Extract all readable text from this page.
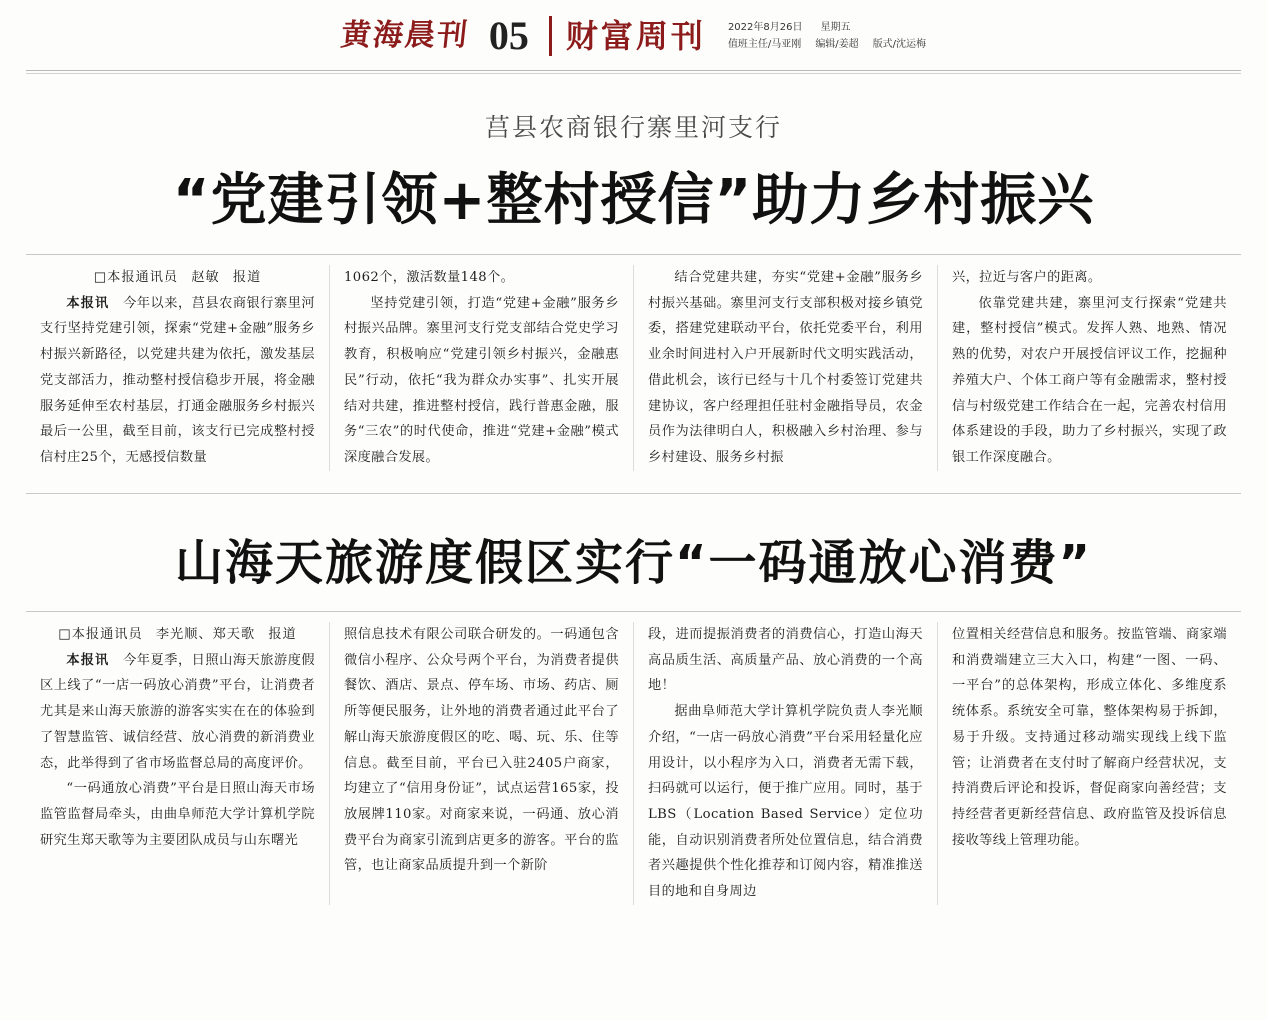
黄海晨刊 05 财富周刊 2022年8月26日 星期五
值班主任/马亚刚 编辑/姜超 版式/沈运梅
莒县农商银行寨里河支行
“党建引领+整村授信”助力乡村振兴

□本报通讯员 赵敏 报道

本报讯　 今年以来，莒县农商银行寨里河支行坚持党建引领，探索“党建+金融”服务乡村振兴新路径，以党建共建为依托，激发基层党支部活力，推动整村授信稳步开展，将金融服务延伸至农村基层，打通金融服务乡村振兴最后一公里，截至目前，该支行已完成整村授信村庄25个，无感授信数量

1062个，激活数量148个。

坚持党建引领，打造“党建+金融”服务乡村振兴品牌。寨里河支行党支部结合党史学习教育，积极响应“党建引领乡村振兴，金融惠民”行动，依托“我为群众办实事”、扎实开展结对共建，推进整村授信，践行普惠金融，服务“三农”的时代使命，推进“党建+金融”模式深度融合发展。

结合党建共建，夯实“党建+金融”服务乡村振兴基础。寨里河支行支部积极对接乡镇党委，搭建党建联动平台，依托党委平台，利用业余时间进村入户开展新时代文明实践活动，借此机会，该行已经与十几个村委签订党建共建协议，客户经理担任驻村金融指导员，农金员作为法律明白人，积极融入乡村治理、参与乡村建设、服务乡村振

兴，拉近与客户的距离。

依靠党建共建，寨里河支行探索“党建共建，整村授信”模式。发挥人熟、地熟、情况熟的优势，对农户开展授信评议工作，挖掘种养殖大户、个体工商户等有金融需求，整村授信与村级党建工作结合在一起，完善农村信用体系建设的手段，助力了乡村振兴，实现了政银工作深度融合。

山海天旅游度假区实行“一码通放心消费”

□本报通讯员 李光顺、郑天歌 报道

本报讯　 今年夏季，日照山海天旅游度假区上线了“一店一码放心消费”平台，让消费者尤其是来山海天旅游的游客实实在在的体验到了智慧监管、诚信经营、放心消费的新消费业态，此举得到了省市场监督总局的高度评价。

“一码通放心消费”平台是日照山海天市场监管监督局牵头，由曲阜师范大学计算机学院研究生郑天歌等为主要团队成员与山东曙光

照信息技术有限公司联合研发的。一码通包含微信小程序、公众号两个平台，为消费者提供餐饮、酒店、景点、停车场、市场、药店、厕所等便民服务，让外地的消费者通过此平台了解山海天旅游度假区的吃、喝、玩、乐、住等信息。截至目前，平台已入驻2405户商家，均建立了“信用身份证”，试点运营165家，投放展牌110家。对商家来说，一码通、放心消费平台为商家引流到店更多的游客。平台的监管，也让商家品质提升到一个新阶

段，进而提振消费者的消费信心，打造山海天高品质生活、高质量产品、放心消费的一个高地！

据曲阜师范大学计算机学院负责人李光顺介绍，“一店一码放心消费”平台采用轻量化应用设计，以小程序为入口，消费者无需下载，扫码就可以运行，便于推广应用。同时，基于LBS（Location Based Service）定位功能，自动识别消费者所处位置信息，结合消费者兴趣提供个性化推荐和订阅内容，精准推送目的地和自身周边

位置相关经营信息和服务。按监管端、商家端和消费端建立三大入口，构建“一图、一码、一平台”的总体架构，形成立体化、多维度系统体系。系统安全可靠，整体架构易于拆卸，易于升级。支持通过移动端实现线上线下监管；让消费者在支付时了解商户经营状况，支持消费后评论和投诉，督促商家向善经营；支持经营者更新经营信息、政府监管及投诉信息接收等线上管理功能。
